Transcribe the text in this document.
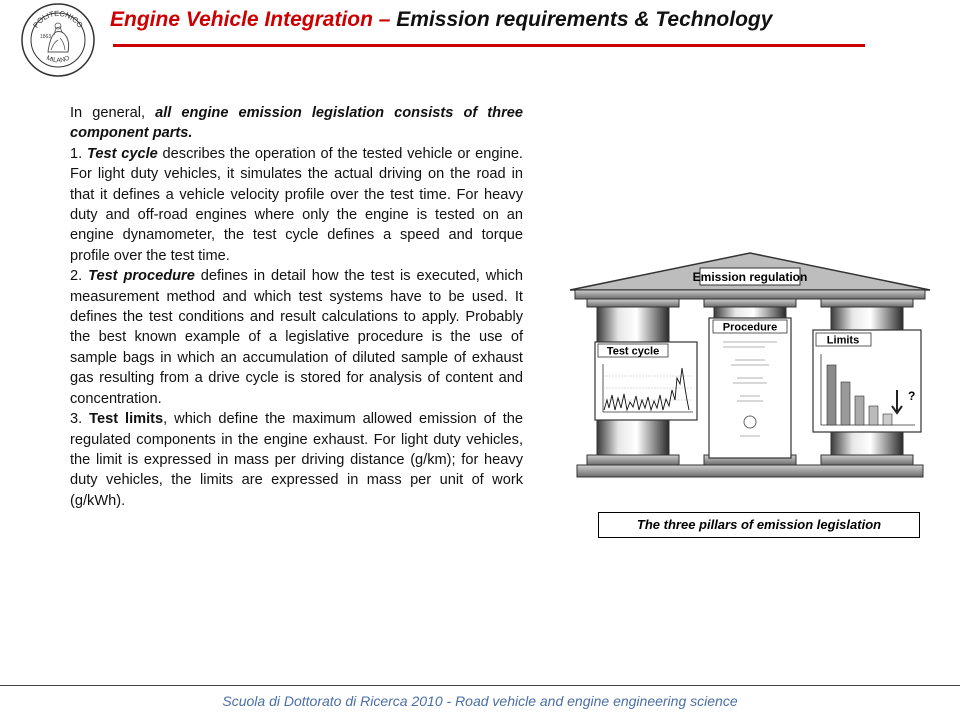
POLITECNICO
MILANO
1863
Engine Vehicle Integration – Emission requirements & Technology

In general, all engine emission legislation consists of three component parts.

1. Test cycle describes the operation of the tested vehicle or engine. For light duty vehicles, it simulates the actual driving on the road in that it defines a vehicle velocity profile over the test time. For heavy duty and off-road engines where only the engine is tested on an engine dynamometer, the test cycle defines a speed and torque profile over the test time.

2. Test procedure defines in detail how the test is executed, which measurement method and which test systems have to be used. It defines the test conditions and result calculations to apply. Probably the best known example of a legislative procedure is the use of sample bags in which an accumulation of diluted sample of exhaust gas resulting from a drive cycle is stored for analysis of content and concentration.

3. Test limits, which define the maximum allowed emission of the regulated components in the engine exhaust. For light duty vehicles, the limit is expressed in mass per driving distance (g/km); for heavy duty vehicles, the limits are expressed in mass per unit of work (g/kWh).

Emission regulation
Test cycle
Procedure
Limits
?
The three pillars of emission legislation
Scuola di Dottorato di Ricerca 2010 - Road vehicle and engine engineering science
